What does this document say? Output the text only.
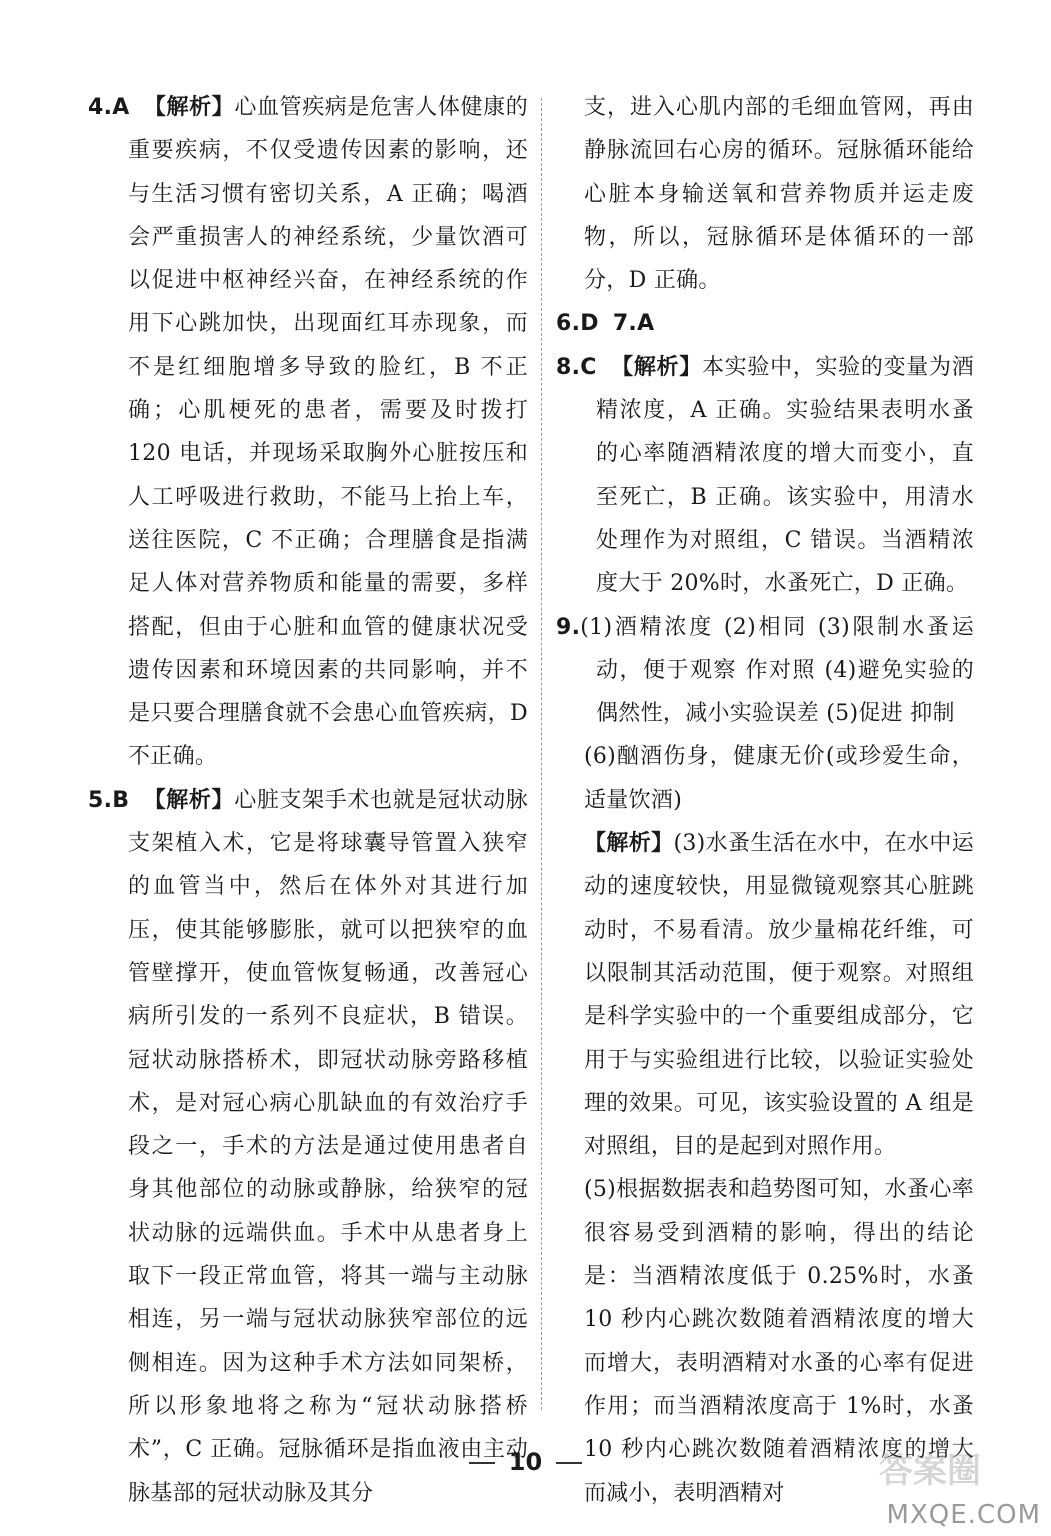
4.A 【解析】心血管疾病是危害人体健康的重要疾病，不仅受遗传因素的影响，还与生活习惯有密切关系，A 正确；喝酒会严重损害人的神经系统，少量饮酒可以促进中枢神经兴奋，在神经系统的作用下心跳加快，出现面红耳赤现象，而不是红细胞增多导致的脸红，B 不正确；心肌梗死的患者，需要及时拨打 120 电话，并现场采取胸外心脏按压和人工呼吸进行救助，不能马上抬上车，送往医院，C 不正确；合理膳食是指满足人体对营养物质和能量的需要，多样搭配，但由于心脏和血管的健康状况受遗传因素和环境因素的共同影响，并不是只要合理膳食就不会患心血管疾病，D 不正确。

5.B 【解析】心脏支架手术也就是冠状动脉支架植入术，它是将球囊导管置入狭窄的血管当中，然后在体外对其进行加压，使其能够膨胀，就可以把狭窄的血管壁撑开，使血管恢复畅通，改善冠心病所引发的一系列不良症状，B 错误。冠状动脉搭桥术，即冠状动脉旁路移植术，是对冠心病心肌缺血的有效治疗手段之一，手术的方法是通过使用患者自身其他部位的动脉或静脉，给狭窄的冠状动脉的远端供血。手术中从患者身上取下一段正常血管，将其一端与主动脉相连，另一端与冠状动脉狭窄部位的远侧相连。因为这种手术方法如同架桥，所以形象地将之称为“冠状动脉搭桥术”，C 正确。冠脉循环是指血液由主动脉基部的冠状动脉及其分

支，进入心肌内部的毛细血管网，再由静脉流回右心房的循环。冠脉循环能给心脏本身输送氧和营养物质并运走废物，所以，冠脉循环是体循环的一部分，D 正确。

6.D 7.A

8.C 【解析】本实验中，实验的变量为酒精浓度，A 正确。实验结果表明水蚤的心率随酒精浓度的增大而变小，直至死亡，B 正确。该实验中，用清水处理作为对照组，C 错误。当酒精浓度大于 20%时，水蚤死亡，D 正确。

9.(1)酒精浓度 (2)相同 (3)限制水蚤运动，便于观察 作对照 (4)避免实验的偶然性，减小实验误差 (5)促进 抑制

(6)酗酒伤身，健康无价(或珍爱生命，适量饮酒)

【解析】(3)水蚤生活在水中，在水中运动的速度较快，用显微镜观察其心脏跳动时，不易看清。放少量棉花纤维，可以限制其活动范围，便于观察。对照组是科学实验中的一个重要组成部分，它用于与实验组进行比较，以验证实验处理的效果。可见，该实验设置的 A 组是对照组，目的是起到对照作用。

(5)根据数据表和趋势图可知，水蚤心率很容易受到酒精的影响，得出的结论是：当酒精浓度低于 0.25%时，水蚤 10 秒内心跳次数随着酒精浓度的增大而增大，表明酒精对水蚤的心率有促进作用；而当酒精浓度高于 1%时，水蚤 10 秒内心跳次数随着酒精浓度的增大而减小，表明酒精对

10	答案圈
MXQE.COM
